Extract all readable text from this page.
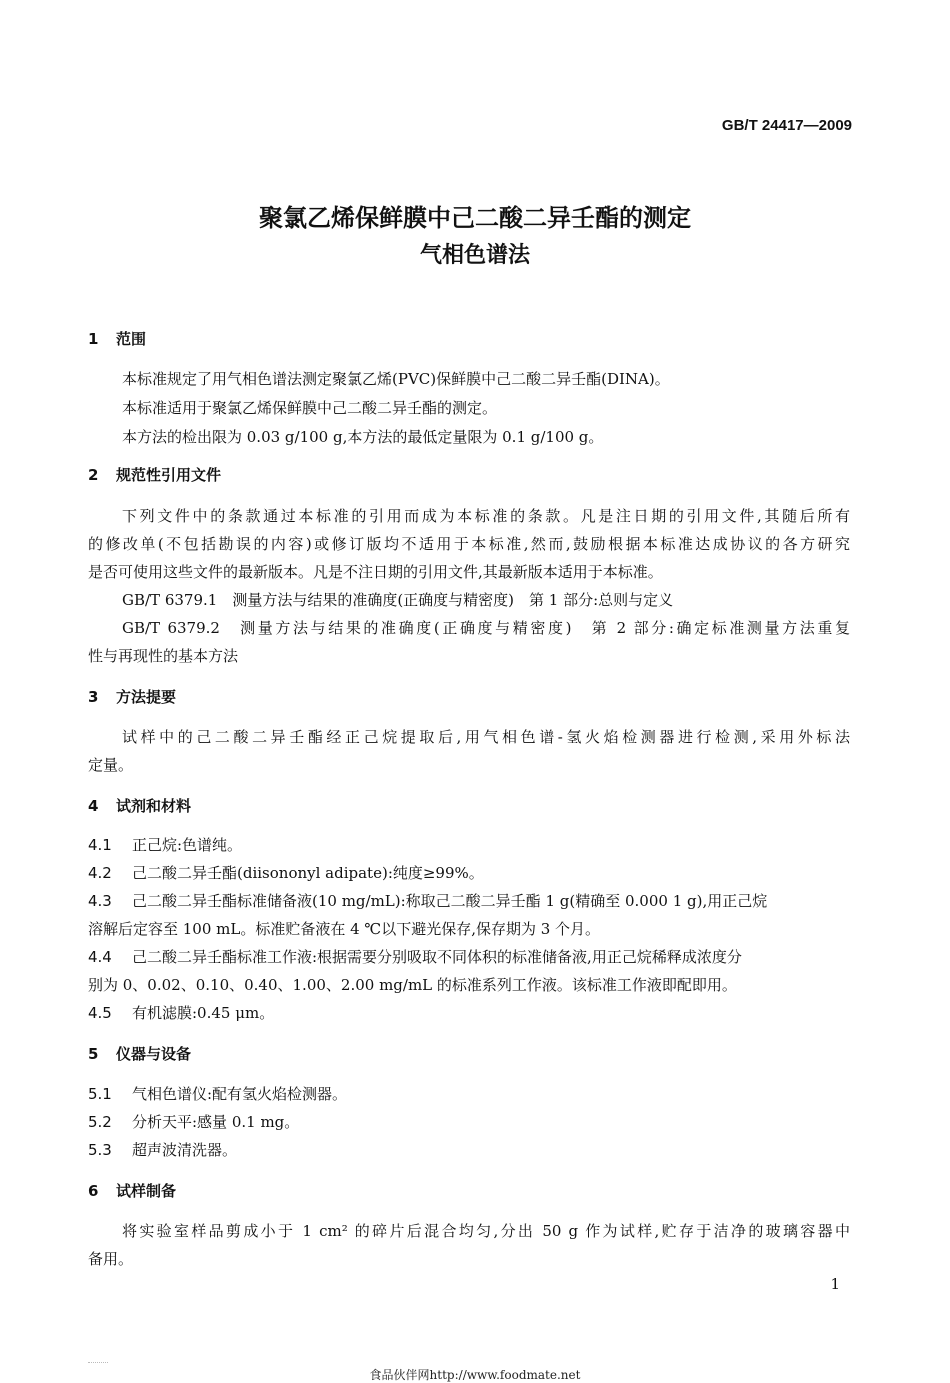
GB/T 24417—2009
聚氯乙烯保鲜膜中己二酸二异壬酯的测定
气相色谱法
1 范围
本标准规定了用气相色谱法测定聚氯乙烯(PVC)保鲜膜中己二酸二异壬酯(DINA)。
本标准适用于聚氯乙烯保鲜膜中己二酸二异壬酯的测定。
本方法的检出限为 0.03 g/100 g,本方法的最低定量限为 0.1 g/100 g。
2 规范性引用文件
下列文件中的条款通过本标准的引用而成为本标准的条款。凡是注日期的引用文件,其随后所有
的修改单(不包括勘误的内容)或修订版均不适用于本标准,然而,鼓励根据本标准达成协议的各方研究
是否可使用这些文件的最新版本。凡是不注日期的引用文件,其最新版本适用于本标准。
GB/T 6379.1　测量方法与结果的准确度(正确度与精密度)　第 1 部分:总则与定义
GB/T 6379.2　测量方法与结果的准确度(正确度与精密度)　第 2 部分:确定标准测量方法重复
性与再现性的基本方法
3 方法提要
试样中的己二酸二异壬酯经正己烷提取后,用气相色谱-氢火焰检测器进行检测,采用外标法
定量。
4 试剂和材料
4.1 正己烷:色谱纯。
4.2 己二酸二异壬酯(diisononyl adipate):纯度≥99%。
4.3 己二酸二异壬酯标准储备液(10 mg/mL):称取己二酸二异壬酯 1 g(精确至 0.000 1 g),用正己烷
溶解后定容至 100 mL。标准贮备液在 4 ℃以下避光保存,保存期为 3 个月。
4.4 己二酸二异壬酯标准工作液:根据需要分别吸取不同体积的标准储备液,用正己烷稀释成浓度分
别为 0、0.02、0.10、0.40、1.00、2.00 mg/mL 的标准系列工作液。该标准工作液即配即用。
4.5 有机滤膜:0.45 μm。
5 仪器与设备
5.1 气相色谱仪:配有氢火焰检测器。
5.2 分析天平:感量 0.1 mg。
5.3 超声波清洗器。
6 试样制备
将实验室样品剪成小于 1 cm² 的碎片后混合均匀,分出 50 g 作为试样,贮存于洁净的玻璃容器中
备用。
1
食品伙伴网http://www.foodmate.net
